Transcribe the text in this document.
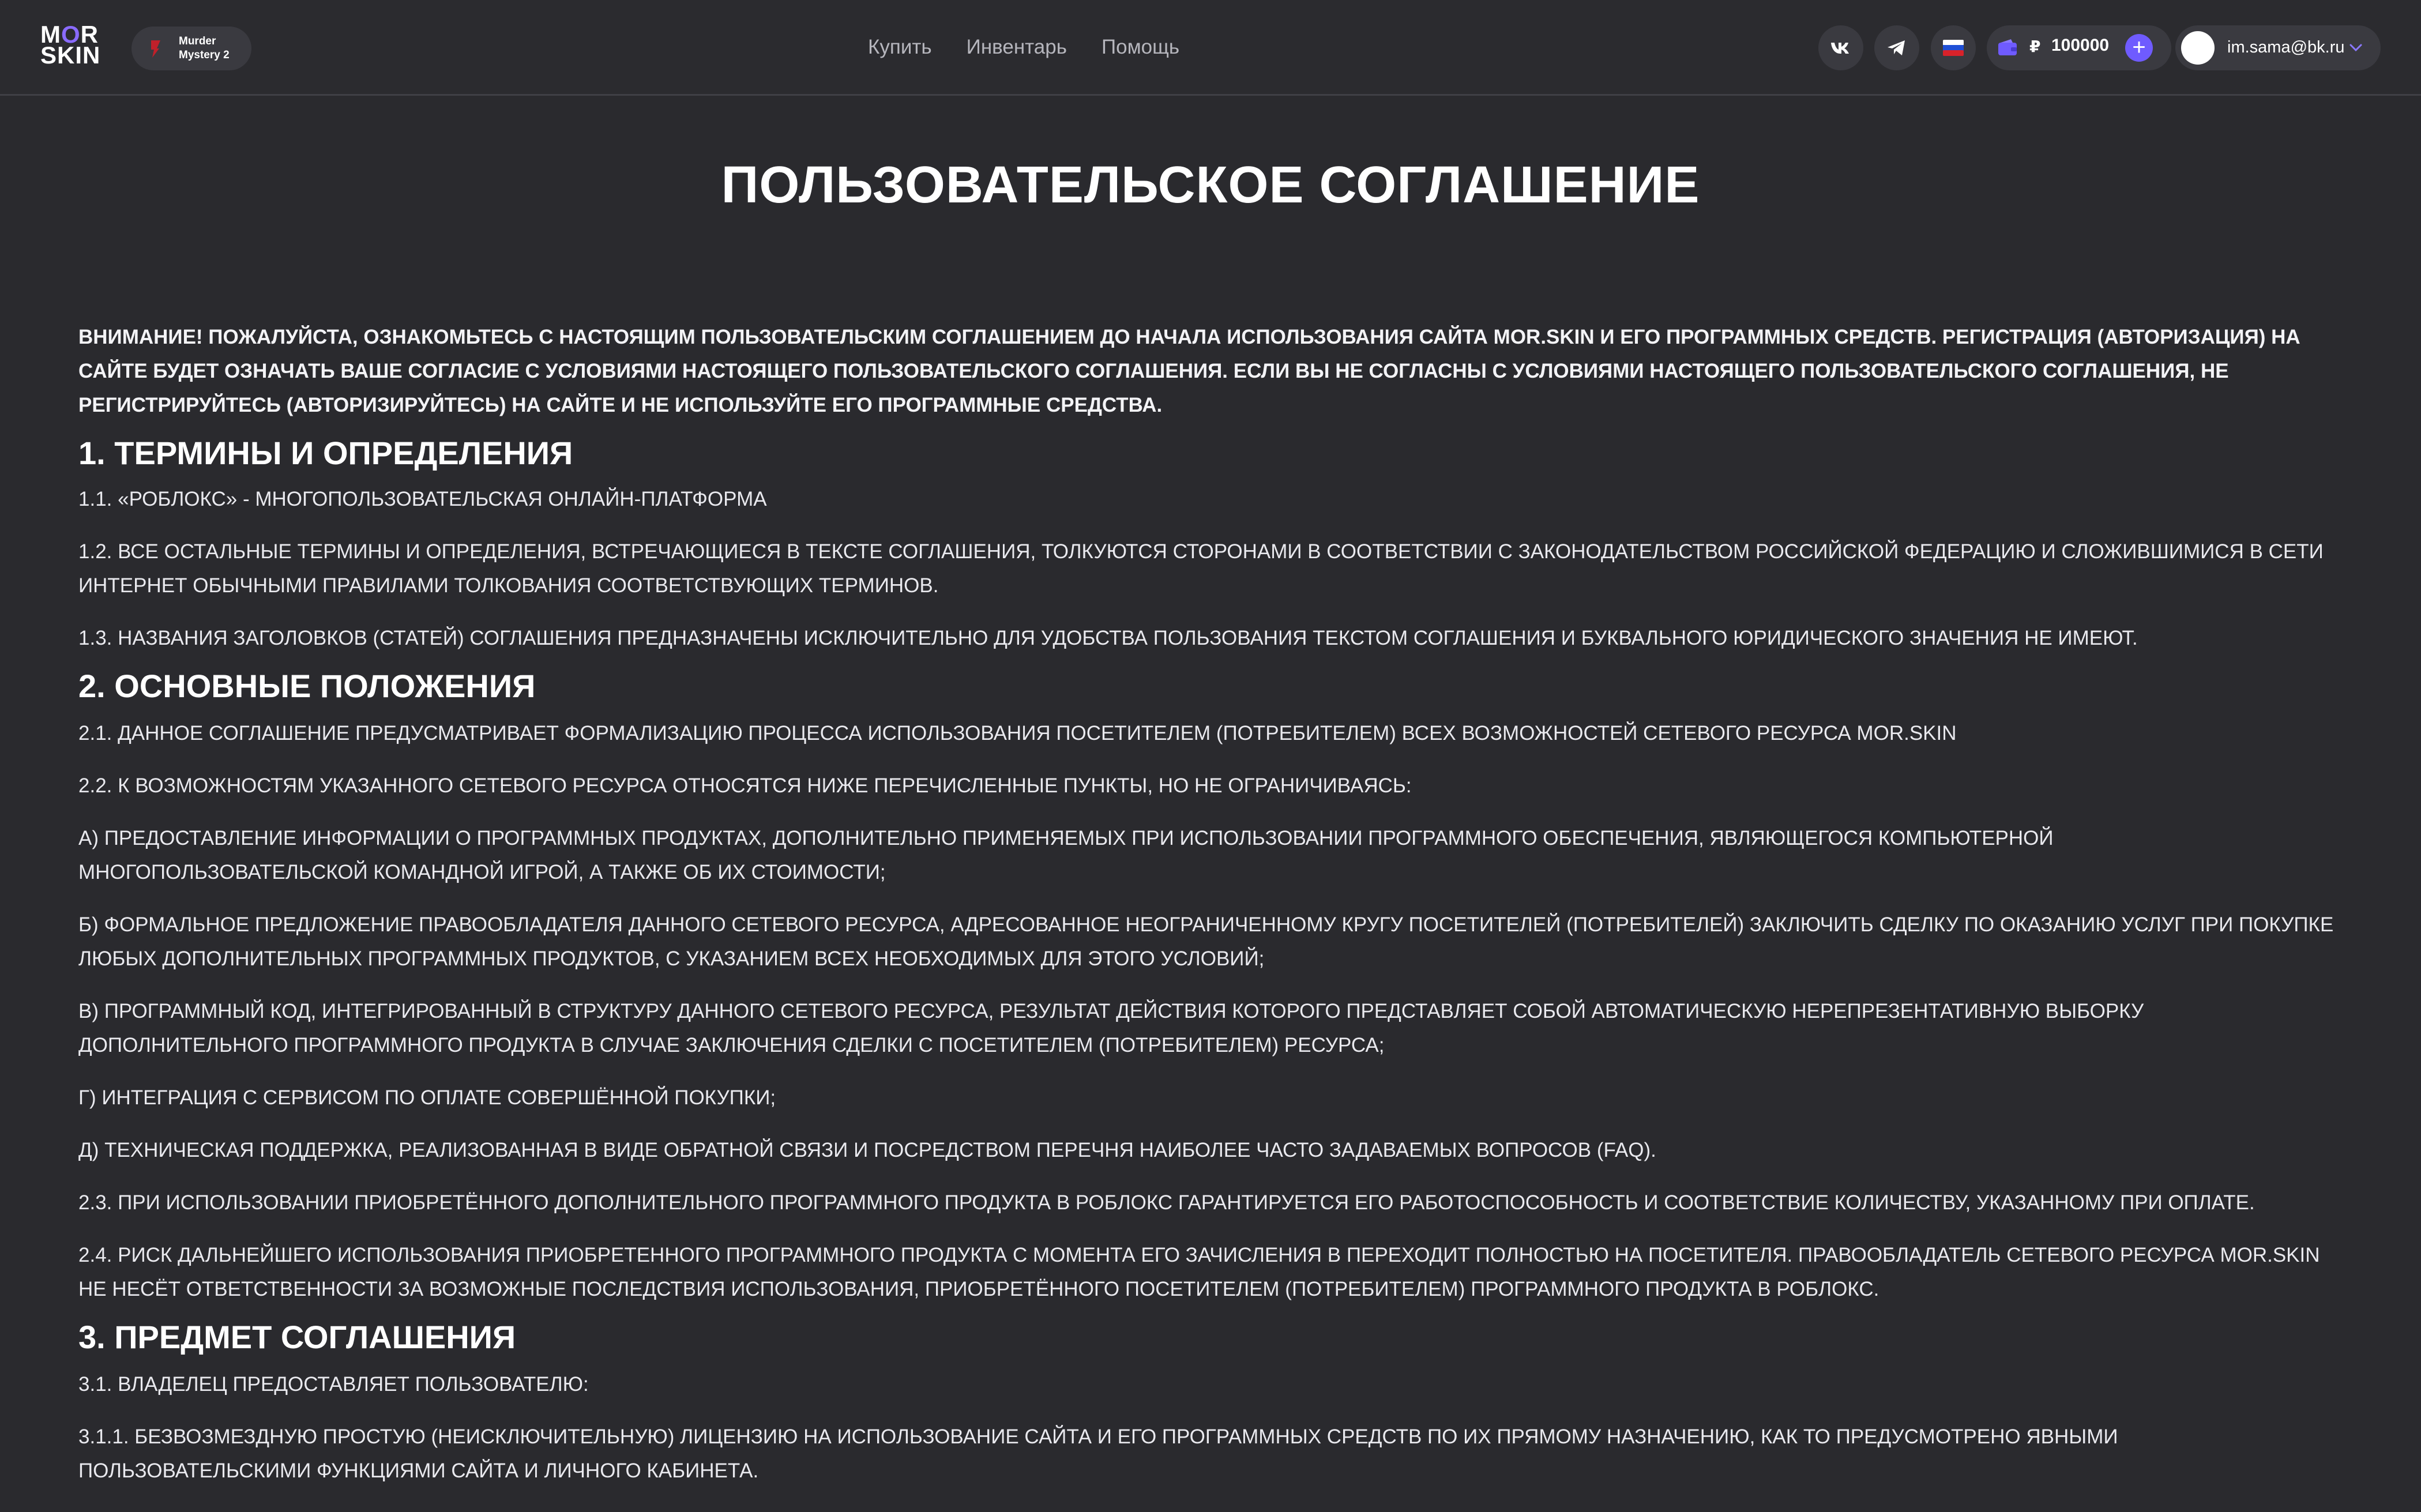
MOR
SKIN
Murder
Mystery 2	Купить Инвентарь Помощь	₽ 100000	+	im.sama@bk.ru
ПОЛЬЗОВАТЕЛЬСКОЕ СОГЛАШЕНИЕ

ВНИМАНИЕ! ПОЖАЛУЙСТА, ОЗНАКОМЬТЕСЬ С НАСТОЯЩИМ ПОЛЬЗОВАТЕЛЬСКИМ СОГЛАШЕНИЕМ ДО НАЧАЛА ИСПОЛЬЗОВАНИЯ САЙТА MOR.SKIN И ЕГО ПРОГРАММНЫХ СРЕДСТВ. РЕГИСТРАЦИЯ (АВТОРИЗАЦИЯ) НА САЙТЕ БУДЕТ ОЗНАЧАТЬ ВАШЕ СОГЛАСИЕ С УСЛОВИЯМИ НАСТОЯЩЕГО ПОЛЬЗОВАТЕЛЬСКОГО СОГЛАШЕНИЯ. ЕСЛИ ВЫ НЕ СОГЛАСНЫ С УСЛОВИЯМИ НАСТОЯЩЕГО ПОЛЬЗОВАТЕЛЬСКОГО СОГЛАШЕНИЯ, НЕ РЕГИСТРИРУЙТЕСЬ (АВТОРИЗИРУЙТЕСЬ) НА САЙТЕ И НЕ ИСПОЛЬЗУЙТЕ ЕГО ПРОГРАММНЫЕ СРЕДСТВА.

1. ТЕРМИНЫ И ОПРЕДЕЛЕНИЯ

1.1. «РОБЛОКС» - МНОГОПОЛЬЗОВАТЕЛЬСКАЯ ОНЛАЙН-ПЛАТФОРМА

1.2. ВСЕ ОСТАЛЬНЫЕ ТЕРМИНЫ И ОПРЕДЕЛЕНИЯ, ВСТРЕЧАЮЩИЕСЯ В ТЕКСТЕ СОГЛАШЕНИЯ, ТОЛКУЮТСЯ СТОРОНАМИ В СООТВЕТСТВИИ С ЗАКОНОДАТЕЛЬСТВОМ РОССИЙСКОЙ ФЕДЕРАЦИЮ И СЛОЖИВШИМИСЯ В СЕТИ ИНТЕРНЕТ ОБЫЧНЫМИ ПРАВИЛАМИ ТОЛКОВАНИЯ СООТВЕТСТВУЮЩИХ ТЕРМИНОВ.

1.3. НАЗВАНИЯ ЗАГОЛОВКОВ (СТАТЕЙ) СОГЛАШЕНИЯ ПРЕДНАЗНАЧЕНЫ ИСКЛЮЧИТЕЛЬНО ДЛЯ УДОБСТВА ПОЛЬЗОВАНИЯ ТЕКСТОМ СОГЛАШЕНИЯ И БУКВАЛЬНОГО ЮРИДИЧЕСКОГО ЗНАЧЕНИЯ НЕ ИМЕЮТ.

2. ОСНОВНЫЕ ПОЛОЖЕНИЯ

2.1. ДАННОЕ СОГЛАШЕНИЕ ПРЕДУСМАТРИВАЕТ ФОРМАЛИЗАЦИЮ ПРОЦЕССА ИСПОЛЬЗОВАНИЯ ПОСЕТИТЕЛЕМ (ПОТРЕБИТЕЛЕМ) ВСЕХ ВОЗМОЖНОСТЕЙ СЕТЕВОГО РЕСУРСА MOR.SKIN

2.2. К ВОЗМОЖНОСТЯМ УКАЗАННОГО СЕТЕВОГО РЕСУРСА ОТНОСЯТСЯ НИЖЕ ПЕРЕЧИСЛЕННЫЕ ПУНКТЫ, НО НЕ ОГРАНИЧИВАЯСЬ:

А) ПРЕДОСТАВЛЕНИЕ ИНФОРМАЦИИ О ПРОГРАММНЫХ ПРОДУКТАХ, ДОПОЛНИТЕЛЬНО ПРИМЕНЯЕМЫХ ПРИ ИСПОЛЬЗОВАНИИ ПРОГРАММНОГО ОБЕСПЕЧЕНИЯ, ЯВЛЯЮЩЕГОСЯ КОМПЬЮТЕРНОЙ МНОГОПОЛЬЗОВАТЕЛЬСКОЙ КОМАНДНОЙ ИГРОЙ, А ТАКЖЕ ОБ ИХ СТОИМОСТИ;

Б) ФОРМАЛЬНОЕ ПРЕДЛОЖЕНИЕ ПРАВООБЛАДАТЕЛЯ ДАННОГО СЕТЕВОГО РЕСУРСА, АДРЕСОВАННОЕ НЕОГРАНИЧЕННОМУ КРУГУ ПОСЕТИТЕЛЕЙ (ПОТРЕБИТЕЛЕЙ) ЗАКЛЮЧИТЬ СДЕЛКУ ПО ОКАЗАНИЮ УСЛУГ ПРИ ПОКУПКЕ ЛЮБЫХ ДОПОЛНИТЕЛЬНЫХ ПРОГРАММНЫХ ПРОДУКТОВ, С УКАЗАНИЕМ ВСЕХ НЕОБХОДИМЫХ ДЛЯ ЭТОГО УСЛОВИЙ;

В) ПРОГРАММНЫЙ КОД, ИНТЕГРИРОВАННЫЙ В СТРУКТУРУ ДАННОГО СЕТЕВОГО РЕСУРСА, РЕЗУЛЬТАТ ДЕЙСТВИЯ КОТОРОГО ПРЕДСТАВЛЯЕТ СОБОЙ АВТОМАТИЧЕСКУЮ НЕРЕПРЕЗЕНТАТИВНУЮ ВЫБОРКУ ДОПОЛНИТЕЛЬНОГО ПРОГРАММНОГО ПРОДУКТА В СЛУЧАЕ ЗАКЛЮЧЕНИЯ СДЕЛКИ С ПОСЕТИТЕЛЕМ (ПОТРЕБИТЕЛЕМ) РЕСУРСА;

Г) ИНТЕГРАЦИЯ С СЕРВИСОМ ПО ОПЛАТЕ СОВЕРШЁННОЙ ПОКУПКИ;

Д) ТЕХНИЧЕСКАЯ ПОДДЕРЖКА, РЕАЛИЗОВАННАЯ В ВИДЕ ОБРАТНОЙ СВЯЗИ И ПОСРЕДСТВОМ ПЕРЕЧНЯ НАИБОЛЕЕ ЧАСТО ЗАДАВАЕМЫХ ВОПРОСОВ (FAQ).

2.3. ПРИ ИСПОЛЬЗОВАНИИ ПРИОБРЕТЁННОГО ДОПОЛНИТЕЛЬНОГО ПРОГРАММНОГО ПРОДУКТА В РОБЛОКС ГАРАНТИРУЕТСЯ ЕГО РАБОТОСПОСОБНОСТЬ И СООТВЕТСТВИЕ КОЛИЧЕСТВУ, УКАЗАННОМУ ПРИ ОПЛАТЕ.

2.4. РИСК ДАЛЬНЕЙШЕГО ИСПОЛЬЗОВАНИЯ ПРИОБРЕТЕННОГО ПРОГРАММНОГО ПРОДУКТА С МОМЕНТА ЕГО ЗАЧИСЛЕНИЯ В ПЕРЕХОДИТ ПОЛНОСТЬЮ НА ПОСЕТИТЕЛЯ. ПРАВООБЛАДАТЕЛЬ СЕТЕВОГО РЕСУРСА MOR.SKIN НЕ НЕСЁТ ОТВЕТСТВЕННОСТИ ЗА ВОЗМОЖНЫЕ ПОСЛЕДСТВИЯ ИСПОЛЬЗОВАНИЯ, ПРИОБРЕТЁННОГО ПОСЕТИТЕЛЕМ (ПОТРЕБИТЕЛЕМ) ПРОГРАММНОГО ПРОДУКТА В РОБЛОКС.

3. ПРЕДМЕТ СОГЛАШЕНИЯ

3.1. ВЛАДЕЛЕЦ ПРЕДОСТАВЛЯЕТ ПОЛЬЗОВАТЕЛЮ:

3.1.1. БЕЗВОЗМЕЗДНУЮ ПРОСТУЮ (НЕИСКЛЮЧИТЕЛЬНУЮ) ЛИЦЕНЗИЮ НА ИСПОЛЬЗОВАНИЕ САЙТА И ЕГО ПРОГРАММНЫХ СРЕДСТВ ПО ИХ ПРЯМОМУ НАЗНАЧЕНИЮ, КАК ТО ПРЕДУСМОТРЕНО ЯВНЫМИ ПОЛЬЗОВАТЕЛЬСКИМИ ФУНКЦИЯМИ САЙТА И ЛИЧНОГО КАБИНЕТА.
